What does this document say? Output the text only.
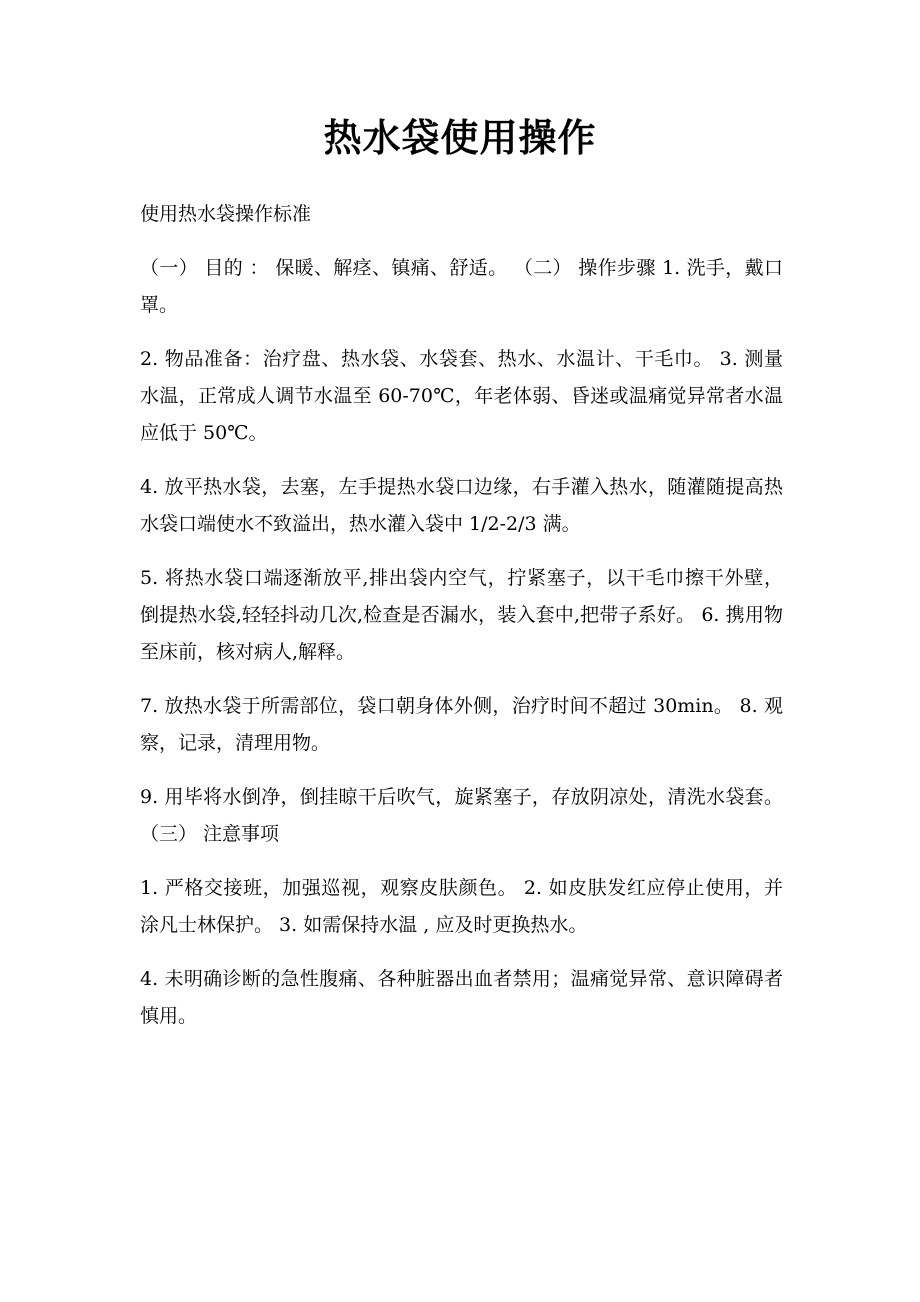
热水袋使用操作

使用热水袋操作标准

（一） 目的 ： 保暖、解痉、镇痛、舒适。 （二） 操作步骤 1. 洗手，戴口罩。

2. 物品准备：治疗盘、热水袋、水袋套、热水、水温计、干毛巾。 3. 测量水温，正常成人调节水温至 60-70℃，年老体弱、昏迷或温痛觉异常者水温应低于 50℃。

4. 放平热水袋，去塞，左手提热水袋口边缘，右手灌入热水，随灌随提高热水袋口端使水不致溢出，热水灌入袋中 1/2-2/3 满。

5. 将热水袋口端逐渐放平,排出袋内空气，拧紧塞子，以干毛巾擦干外壁， 倒提热水袋,轻轻抖动几次,检查是否漏水，装入套中,把带子系好。 6. 携用物至床前，核对病人,解释。

7. 放热水袋于所需部位，袋口朝身体外侧，治疗时间不超过 30min。 8. 观察，记录，清理用物。

9. 用毕将水倒净，倒挂晾干后吹气，旋紧塞子，存放阴凉处，清洗水袋套。（三） 注意事项

1. 严格交接班，加强巡视，观察皮肤颜色。 2. 如皮肤发红应停止使用，并涂凡士林保护。 3. 如需保持水温 , 应及时更换热水。

4. 未明确诊断的急性腹痛、各种脏器出血者禁用；温痛觉异常、意识障碍者慎用。
